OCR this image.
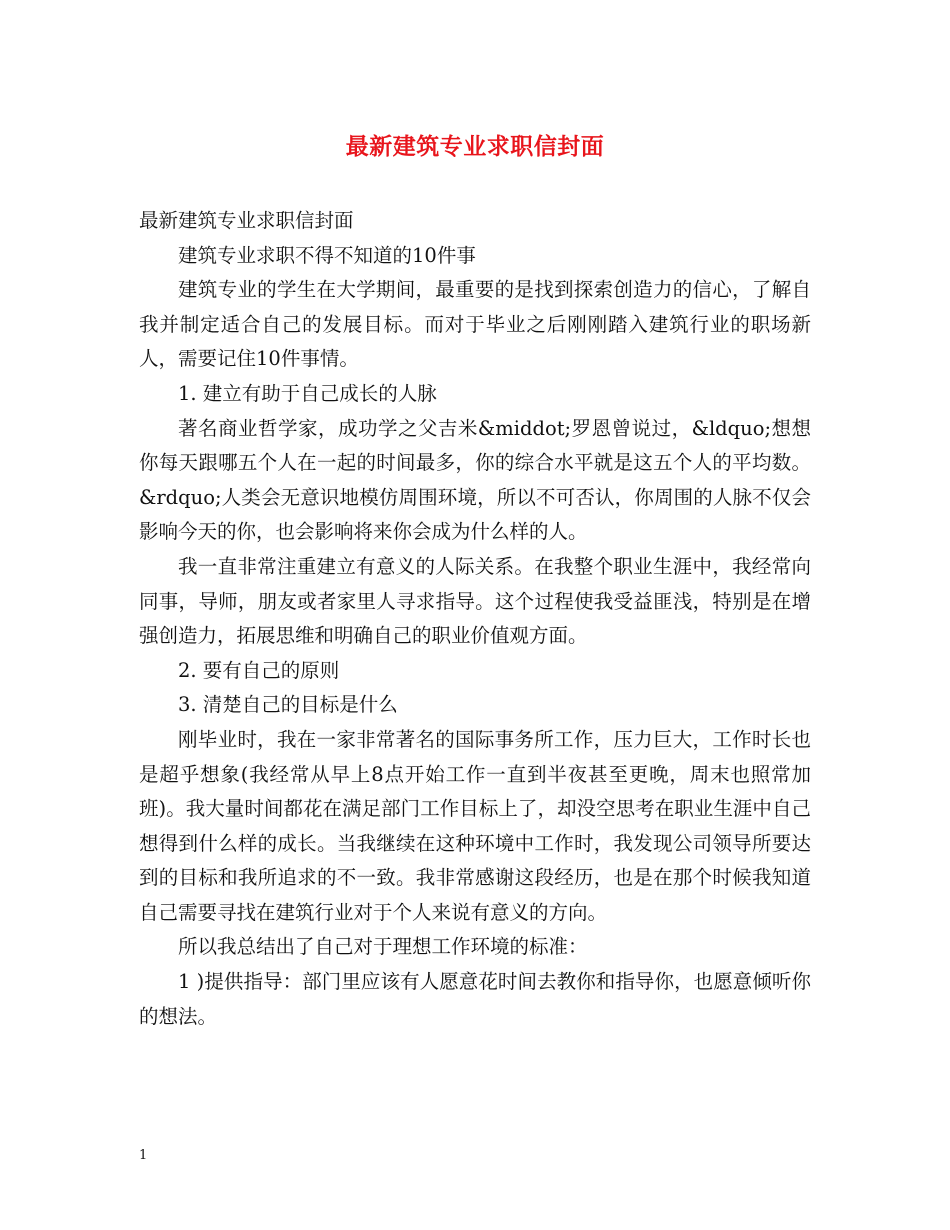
最新建筑专业求职信封面

最新建筑专业求职信封面

建筑专业求职不得不知道的10件事

建筑专业的学生在大学期间，最重要的是找到探索创造力的信心，了解自我并制定适合自己的发展目标。而对于毕业之后刚刚踏入建筑行业的职场新人，需要记住10件事情。

1. 建立有助于自己成长的人脉

著名商业哲学家，成功学之父吉米&middot;罗恩曾说过，&ldquo;想想你每天跟哪五个人在一起的时间最多，你的综合水平就是这五个人的平均数。&rdquo;人类会无意识地模仿周围环境，所以不可否认，你周围的人脉不仅会影响今天的你，也会影响将来你会成为什么样的人。

我一直非常注重建立有意义的人际关系。在我整个职业生涯中，我经常向同事，导师，朋友或者家里人寻求指导。这个过程使我受益匪浅，特别是在增强创造力，拓展思维和明确自己的职业价值观方面。

2. 要有自己的原则

3. 清楚自己的目标是什么

刚毕业时，我在一家非常著名的国际事务所工作，压力巨大，工作时长也是超乎想象(我经常从早上8点开始工作一直到半夜甚至更晚，周末也照常加班)。我大量时间都花在满足部门工作目标上了，却没空思考在职业生涯中自己想得到什么样的成长。当我继续在这种环境中工作时，我发现公司领导所要达到的目标和我所追求的不一致。我非常感谢这段经历，也是在那个时候我知道自己需要寻找在建筑行业对于个人来说有意义的方向。

所以我总结出了自己对于理想工作环境的标准：

1 )提供指导：部门里应该有人愿意花时间去教你和指导你，也愿意倾听你的想法。

1
